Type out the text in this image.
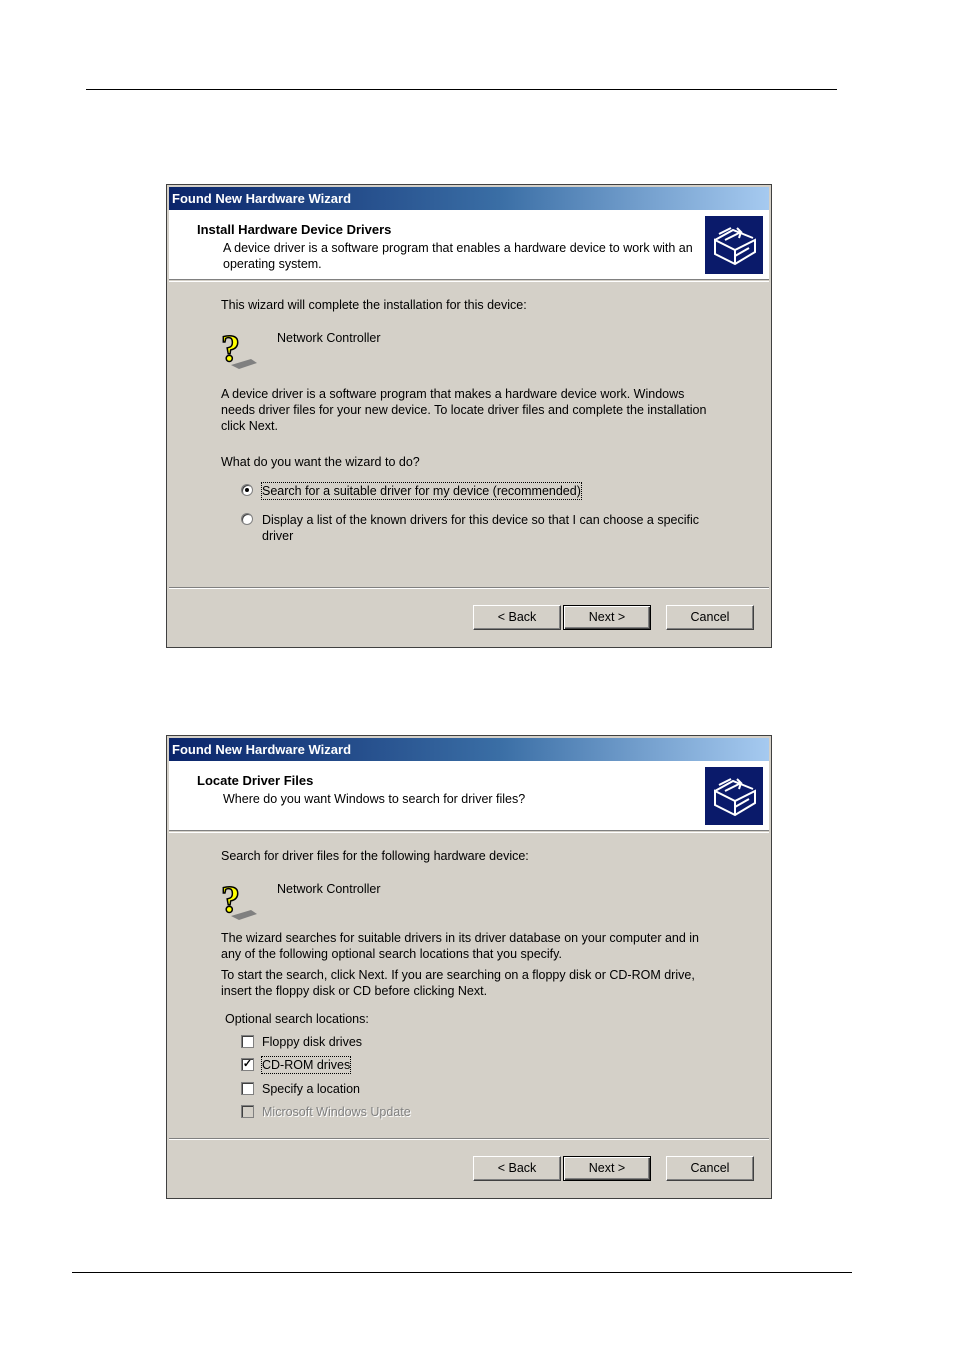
Found New Hardware Wizard
Install Hardware Device Drivers
A device driver is a software program that enables a hardware device to work with an operating system.
This wizard will complete the installation for this device:
?	Network Controller
A device driver is a software program that makes a hardware device work. Windows needs driver files for your new device. To locate driver files and complete the installation click Next.
What do you want the wizard to do?
Search for a suitable driver for my device (recommended)
Display a list of the known drivers for this device so that I can choose a specific driver
< Back	Next >	Cancel
Found New Hardware Wizard
Locate Driver Files
Where do you want Windows to search for driver files?
Search for driver files for the following hardware device:
?	Network Controller
The wizard searches for suitable drivers in its driver database on your computer and in any of the following optional search locations that you specify.
To start the search, click Next. If you are searching on a floppy disk or CD-ROM drive, insert the floppy disk or CD before clicking Next.
Optional search locations:
Floppy disk drives
✓ CD-ROM drives
Specify a location
Microsoft Windows Update
< Back	Next >	Cancel
